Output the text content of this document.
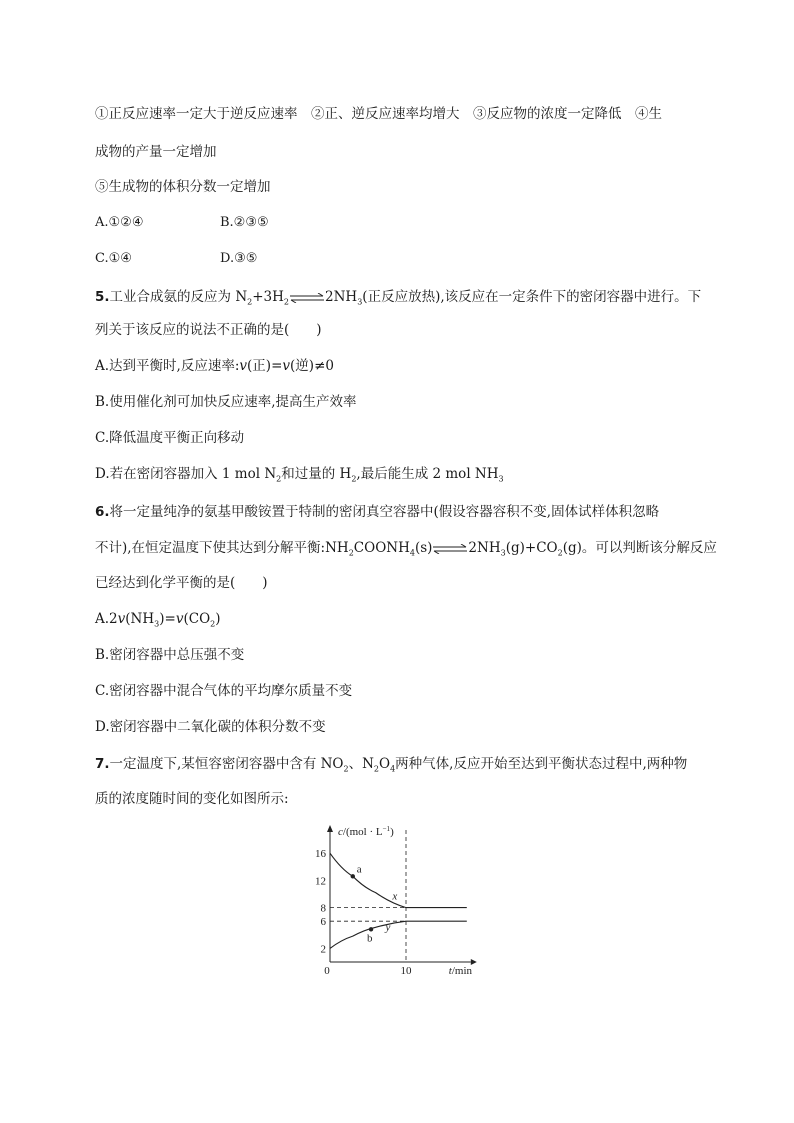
①正反应速率一定大于逆反应速率　②正、逆反应速率均增大　③反应物的浓度一定降低　④生
成物的产量一定增加
⑤生成物的体积分数一定增加
A.①②④	B.②③⑤
C.①④	D.③⑤
5.工业合成氨的反应为 $N_2+3H_2\rightleftharpoons 2NH_3$(正反应放热),该反应在一定条件下的密闭容器中进行。下
列关于该反应的说法不正确的是(　　)
A.达到平衡时,反应速率:v(正)=v(逆)≠0
B.使用催化剂可加快反应速率,提高生产效率
C.降低温度平衡正向移动
D.若在密闭容器加入 1 mol $N_2$和过量的 $H_2$,最后能生成 2 mol $NH_3$
6.将一定量纯净的氨基甲酸铵置于特制的密闭真空容器中(假设容器容积不变,固体试样体积忽略
不计),在恒定温度下使其达到分解平衡$:NH_2COONH_4(s)\rightleftharpoons 2NH_3(g)+CO_2(g)$。可以判断该分解反应
已经达到化学平衡的是(　　)
$A.2v(NH_3)=v(CO_2)$
B.密闭容器中总压强不变
C.密闭容器中混合气体的平均摩尔质量不变
D.密闭容器中二氧化碳的体积分数不变
7.一定温度下,某恒容密闭容器中含有 $NO_2$、$N_2O_4$两种气体,反应开始至达到平衡状态过程中,两种物
质的浓度随时间的变化如图所示:
$c/(mol \cdot L^{-1})$
t/min
0
16
12
8
6
2
10
a
b
x
y
